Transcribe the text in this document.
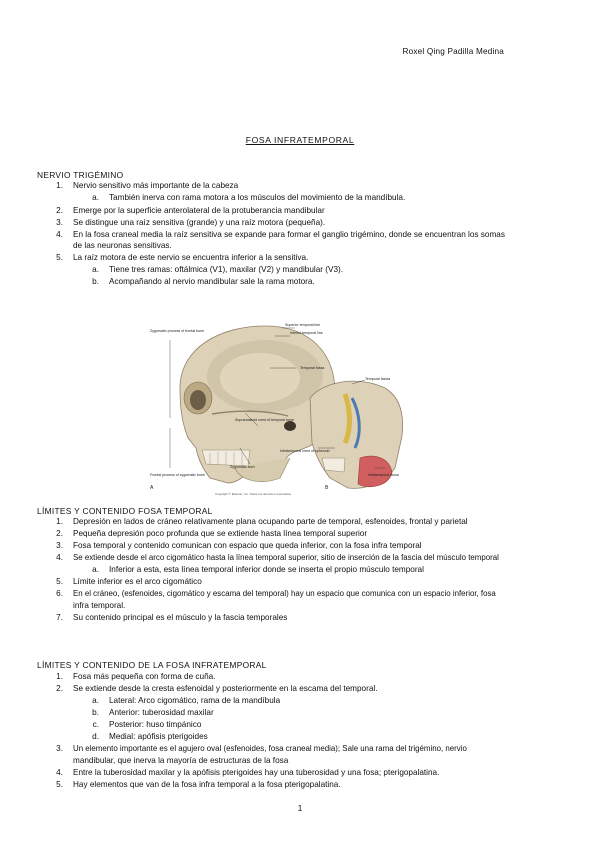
Roxel Qing Padilla Medina
FOSA INFRATEMPORAL
NERVIO TRIGÉMINO
1. Nervio sensitivo más importante de la cabeza
a. También inerva con rama motora a los músculos del movimiento de la mandíbula.
2. Emerge por la superficie anterolateral de la protuberancia mandibular
3. Se distingue una raíz sensitiva (grande) y una raíz motora (pequeña).
4. En la fosa craneal media la raíz sensitiva se expande para formar el ganglio trigémino, donde se encuentran los somas
de las neuronas sensitivas.
5. La raíz motora de este nervio se encuentra inferior a la sensitiva.
a. Tiene tres ramas: oftálmica (V1), maxilar (V2) y mandibular (V3).
b. Acompañando al nervio mandibular sale la rama motora.
Zygomatic process of frontal bone
Superior temporal line
Inferior temporal line
Temporal fossa
Supramastoid crest of temporal bone
Zygomatic arch
Frontal process of zygomatic bone
Temporal fascia
Infratemporal crest of sphenoid
Infratemporal fossa
A	B
Copyright © Elsevier, Inc. Todos los derechos reservados
LÍMITES Y CONTENIDO FOSA TEMPORAL
1. Depresión en lados de cráneo relativamente plana ocupando parte de temporal, esfenoides, frontal y parietal
2. Pequeña depresión poco profunda que se extiende hasta línea temporal superior
3. Fosa temporal y contenido comunican con espacio que queda inferior, con la fosa infra temporal
4. Se extiende desde el arco cigomático hasta la línea temporal superior, sitio de inserción de la fascia del músculo temporal
a. Inferior a esta, esta línea temporal inferior donde se inserta el propio músculo temporal
5. Límite inferior es el arco cigomático
6. En el cráneo, (esfenoides, cigomático y escama del temporal) hay un espacio que comunica con un espacio inferior, fosa
infra temporal.
7. Su contenido principal es el músculo y la fascia temporales
LÍMITES Y CONTENIDO DE LA FOSA INFRATEMPORAL
1. Fosa más pequeña con forma de cuña.
2. Se extiende desde la cresta esfenoidal y posteriormente en la escama del temporal.
a. Lateral: Arco cigomático, rama de la mandíbula
b. Anterior: tuberosidad maxilar
c. Posterior: huso timpánico
d. Medial: apófisis pterigoides
3. Un elemento importante es el agujero oval (esfenoides, fosa craneal media); Sale una rama del trigémino, nervio
mandibular, que inerva la mayoría de estructuras de la fosa
4. Entre la tuberosidad maxilar y la apófisis pterigoides hay una tuberosidad y una fosa; pterigopalatina.
5. Hay elementos que van de la fosa infra temporal a la fosa pterigopalatina.
1
